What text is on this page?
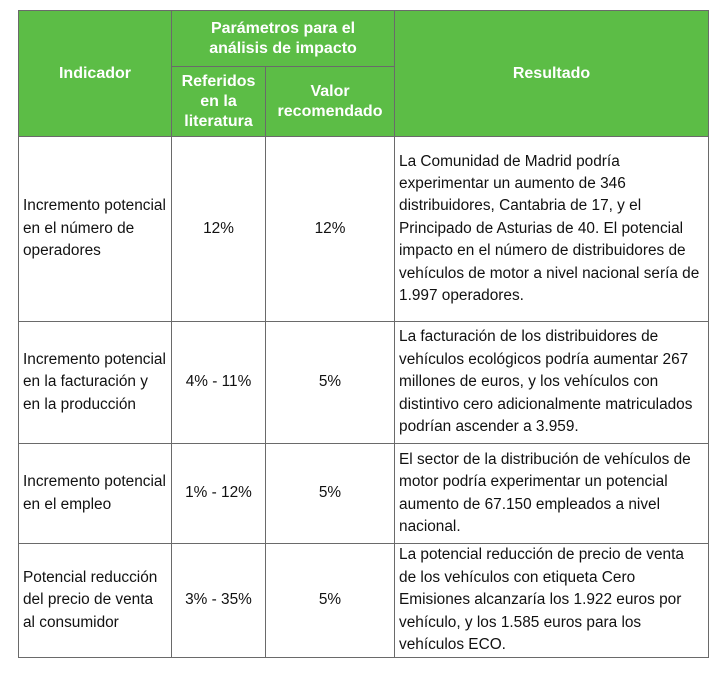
Indicador	Parámetros para el análisis de impacto		Resultado
	Referidos en la literatura	Valor recomendado	
Incremento potencial en el número de operadores	12%	12%	La Comunidad de Madrid podría experimentar un aumento de 346 distribuidores, Cantabria de 17, y el Principado de Asturias de 40. El potencial impacto en el número de distribuidores de vehículos de motor a nivel nacional sería de 1.997 operadores.
Incremento potencial en la facturación y en la producción	4% - 11%	5%	La facturación de los distribuidores de vehículos ecológicos podría aumentar 267 millones de euros, y los vehículos con distintivo cero adicionalmente matriculados podrían ascender a 3.959.
Incremento potencial en el empleo	1% - 12%	5%	El sector de la distribución de vehículos de motor podría experimentar un potencial aumento de 67.150 empleados a nivel nacional.
Potencial reducción del precio de venta al consumidor	3% - 35%	5%	La potencial reducción de precio de venta de los vehículos con etiqueta Cero Emisiones alcanzaría los 1.922 euros por vehículo, y los 1.585 euros para los vehículos ECO.
